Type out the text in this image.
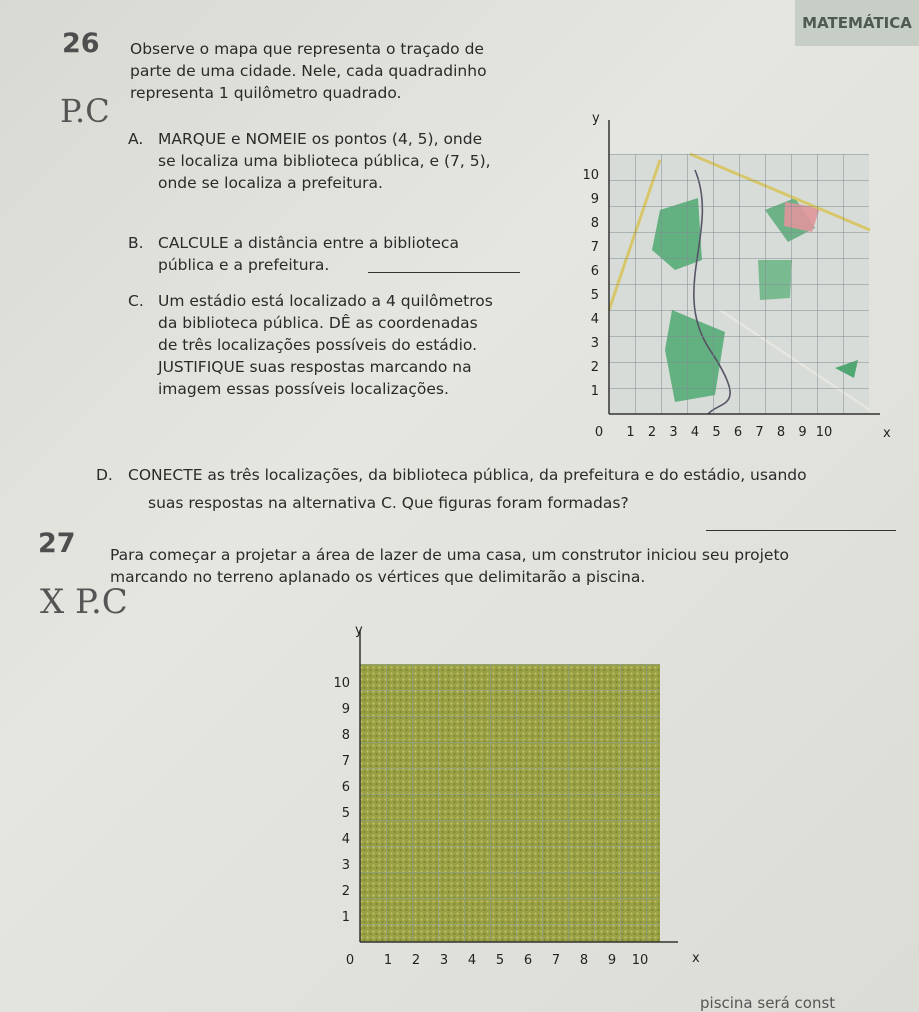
MATEMÁTICA
26
P.C
Observe o mapa que representa o traçado de
parte de uma cidade. Nele, cada quadradinho
representa 1 quilômetro quadrado.
A. MARQUE e NOMEIE os pontos (4, 5), onde
se localiza uma biblioteca pública, e (7, 5),
onde se localiza a prefeitura.
B. CALCULE a distância entre a biblioteca
pública e a prefeitura.
C. Um estádio está localizado a 4 quilômetros
da biblioteca pública. DÊ as coordenadas
de três localizações possíveis do estádio.
JUSTIFIQUE suas respostas marcando na
imagem essas possíveis localizações.
y
x
10
9
8
7
6
5
4
3
2
1
0 1 2 3 4 5 6 7 8 9 10
D. CONECTE as três localizações, da biblioteca pública, da prefeitura e do estádio, usando
suas respostas na alternativa C. Que figuras foram formadas?
27 Para começar a projetar a área de lazer de uma casa, um construtor iniciou seu projeto
marcando no terreno aplanado os vértices que delimitarão a piscina.
X P.C
y
x
10
9
8
7
6
5
4
3
2
1
0 1 2 3 4 5 6 7 8 9 10
piscina será const
